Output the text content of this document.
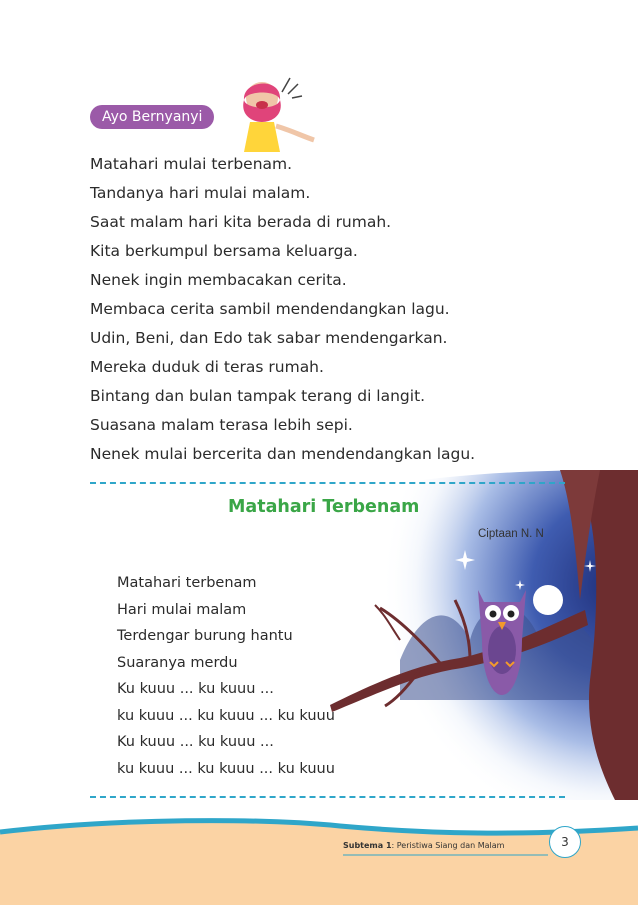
Ayo Bernyanyi
Matahari mulai terbenam.
Tandanya hari mulai malam.
Saat malam hari kita berada di rumah.
Kita berkumpul bersama keluarga.
Nenek ingin membacakan cerita.
Membaca cerita sambil mendendangkan lagu.
Udin, Beni, dan Edo tak sabar mendengarkan.
Mereka duduk di teras rumah.
Bintang dan bulan tampak terang di langit.
Suasana malam terasa lebih sepi.
Nenek mulai bercerita dan mendendangkan lagu.
Matahari Terbenam
Ciptaan N. N
Matahari terbenam
Hari mulai malam
Terdengar burung hantu
Suaranya merdu
Ku kuuu ... ku kuuu ...
ku kuuu ... ku kuuu ... ku kuuu
Ku kuuu ... ku kuuu ...
ku kuuu ... ku kuuu ... ku kuuu
Subtema 1: Peristiwa Siang dan Malam	3
